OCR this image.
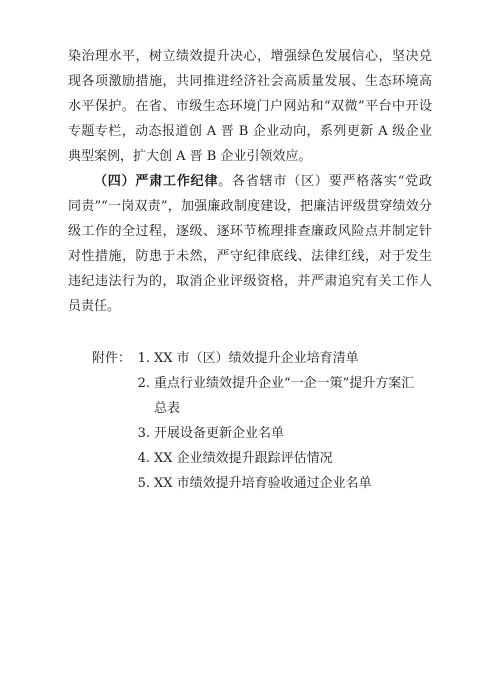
染治理水平，树立绩效提升决心，增强绿色发展信心，坚决兑
现各项激励措施，共同推进经济社会高质量发展、生态环境高
水平保护。在省、市级生态环境门户网站和“双微”平台中开设
专题专栏，动态报道创 A 晋 B 企业动向，系列更新 A 级企业
典型案例，扩大创 A 晋 B 企业引领效应。
（四）严肃工作纪律。各省辖市（区）要严格落实“党政
同责”“一岗双责”，加强廉政制度建设，把廉洁评级贯穿绩效分
级工作的全过程，逐级、逐环节梳理排查廉政风险点并制定针
对性措施，防患于未然，严守纪律底线、法律红线，对于发生
违纪违法行为的，取消企业评级资格，并严肃追究有关工作人
员责任。
附件： 1. XX 市（区）绩效提升企业培育清单
2. 重点行业绩效提升企业“一企一策”提升方案汇
总表
3. 开展设备更新企业名单
4. XX 企业绩效提升跟踪评估情况
5. XX 市绩效提升培育验收通过企业名单
